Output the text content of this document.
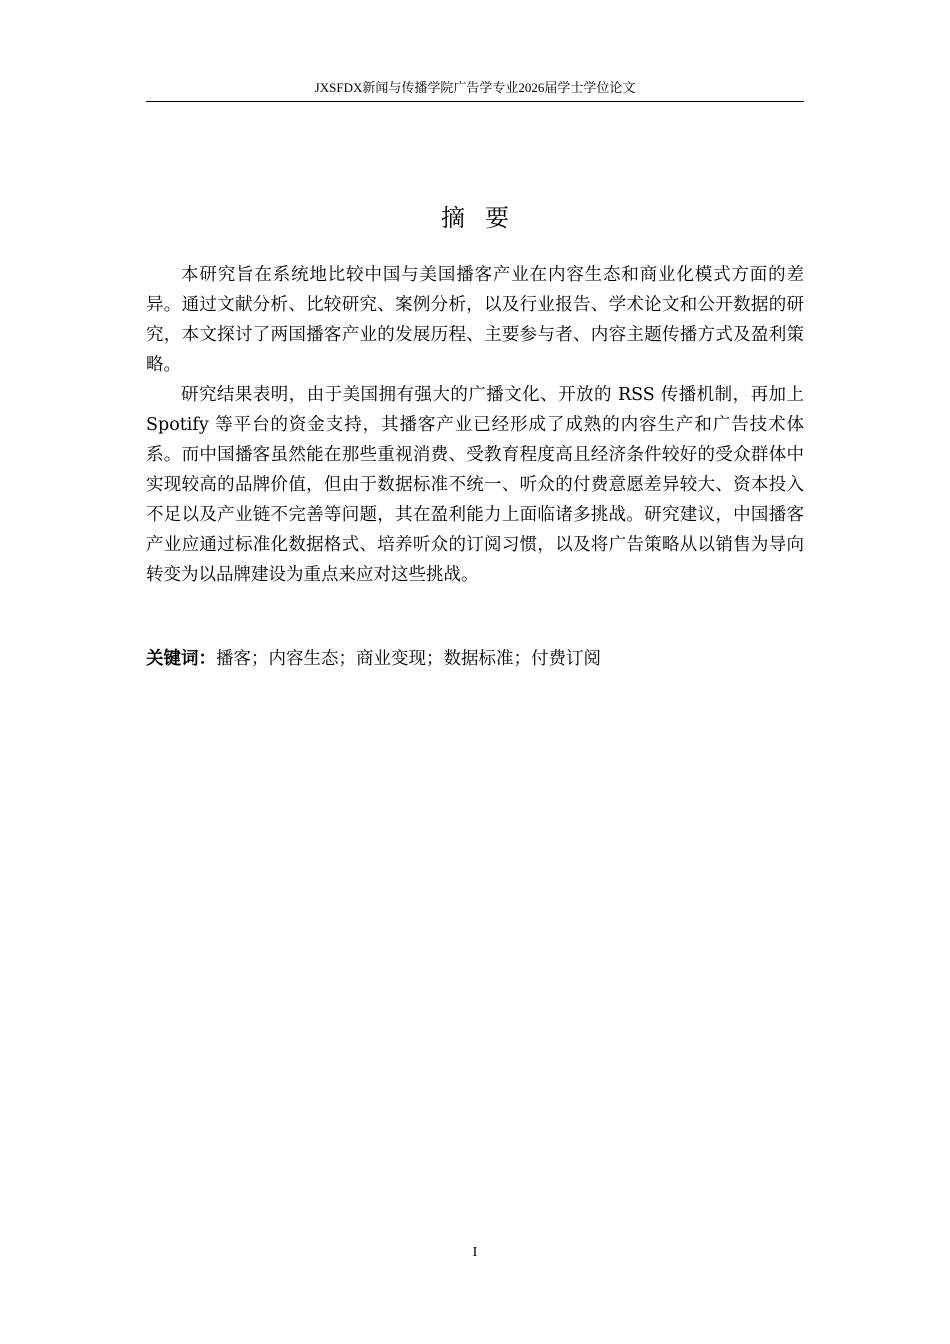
JXSFDX新闻与传播学院广告学专业2026届学士学位论文
摘要

本研究旨在系统地比较中国与美国播客产业在内容生态和商业化模式方面的差异。通过文献分析、比较研究、案例分析，以及行业报告、学术论文和公开数据的研究，本文探讨了两国播客产业的发展历程、主要参与者、内容主题传播方式及盈利策略。

研究结果表明，由于美国拥有强大的广播文化、开放的 RSS 传播机制，再加上 Spotify 等平台的资金支持，其播客产业已经形成了成熟的内容生产和广告技术体系。而中国播客虽然能在那些重视消费、受教育程度高且经济条件较好的受众群体中实现较高的品牌价值，但由于数据标准不统一、听众的付费意愿差异较大、资本投入不足以及产业链不完善等问题，其在盈利能力上面临诸多挑战。研究建议，中国播客产业应通过标准化数据格式、培养听众的订阅习惯，以及将广告策略从以销售为导向转变为以品牌建设为重点来应对这些挑战。

关键词：播客；内容生态；商业变现；数据标准；付费订阅
I
